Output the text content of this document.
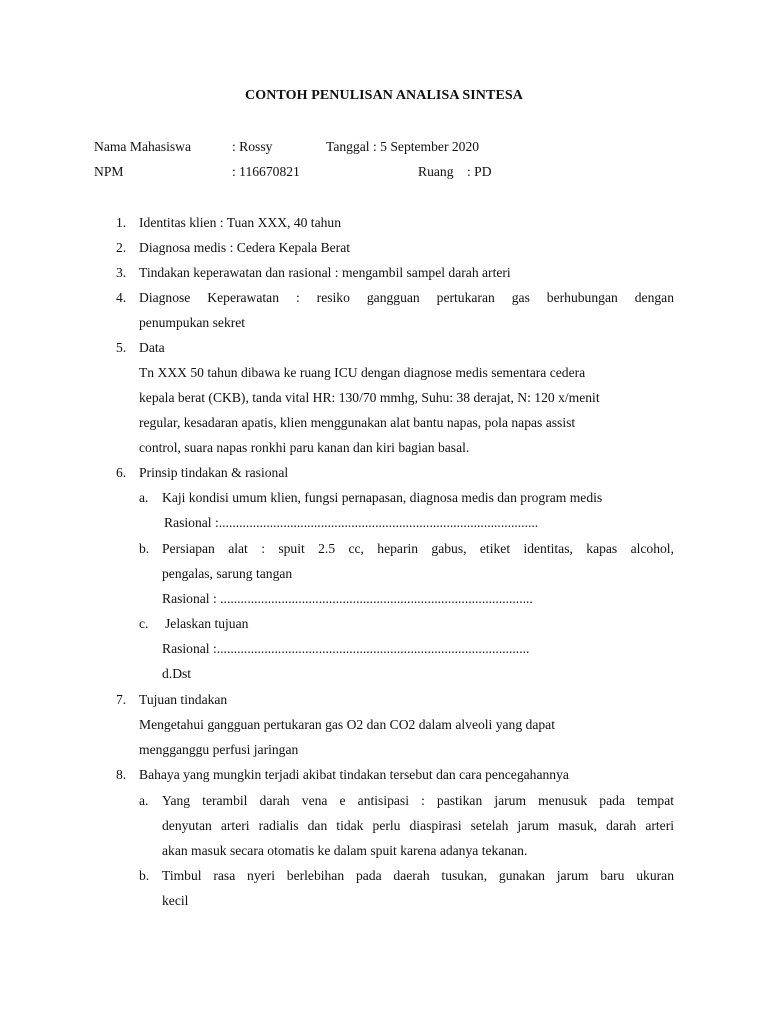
CONTOH PENULISAN ANALISA SINTESA
Nama Mahasiswa	: Rossy	Tanggal : 5 September 2020
NPM	: 116670821	Ruang : PD
1. Identitas klien : Tuan XXX, 40 tahun
2. Diagnosa medis : Cedera Kepala Berat
3. Tindakan keperawatan dan rasional : mengambil sampel darah arteri
4. Diagnose Keperawatan : resiko gangguan pertukaran gas berhubungan dengan
penumpukan sekret
5. Data
Tn XXX 50 tahun dibawa ke ruang ICU dengan diagnose medis sementara cedera
kepala berat (CKB), tanda vital HR: 130/70 mmhg, Suhu: 38 derajat, N: 120 x/menit
regular, kesadaran apatis, klien menggunakan alat bantu napas, pola napas assist
control, suara napas ronkhi paru kanan dan kiri bagian basal.
6. Prinsip tindakan & rasional
a. Kaji kondisi umum klien, fungsi pernapasan, diagnosa medis dan program medis
Rasional :..............................................................................................
b. Persiapan alat : spuit 2.5 cc, heparin gabus, etiket identitas, kapas alcohol,
pengalas, sarung tangan
Rasional : ............................................................................................
c. Jelaskan tujuan
Rasional :............................................................................................
d.Dst
7. Tujuan tindakan
Mengetahui gangguan pertukaran gas O2 dan CO2 dalam alveoli yang dapat
mengganggu perfusi jaringan
8. Bahaya yang mungkin terjadi akibat tindakan tersebut dan cara pencegahannya
a. Yang terambil darah vena e antisipasi : pastikan jarum menusuk pada tempat
denyutan arteri radialis dan tidak perlu diaspirasi setelah jarum masuk, darah arteri
akan masuk secara otomatis ke dalam spuit karena adanya tekanan.
b. Timbul rasa nyeri berlebihan pada daerah tusukan, gunakan jarum baru ukuran
kecil
